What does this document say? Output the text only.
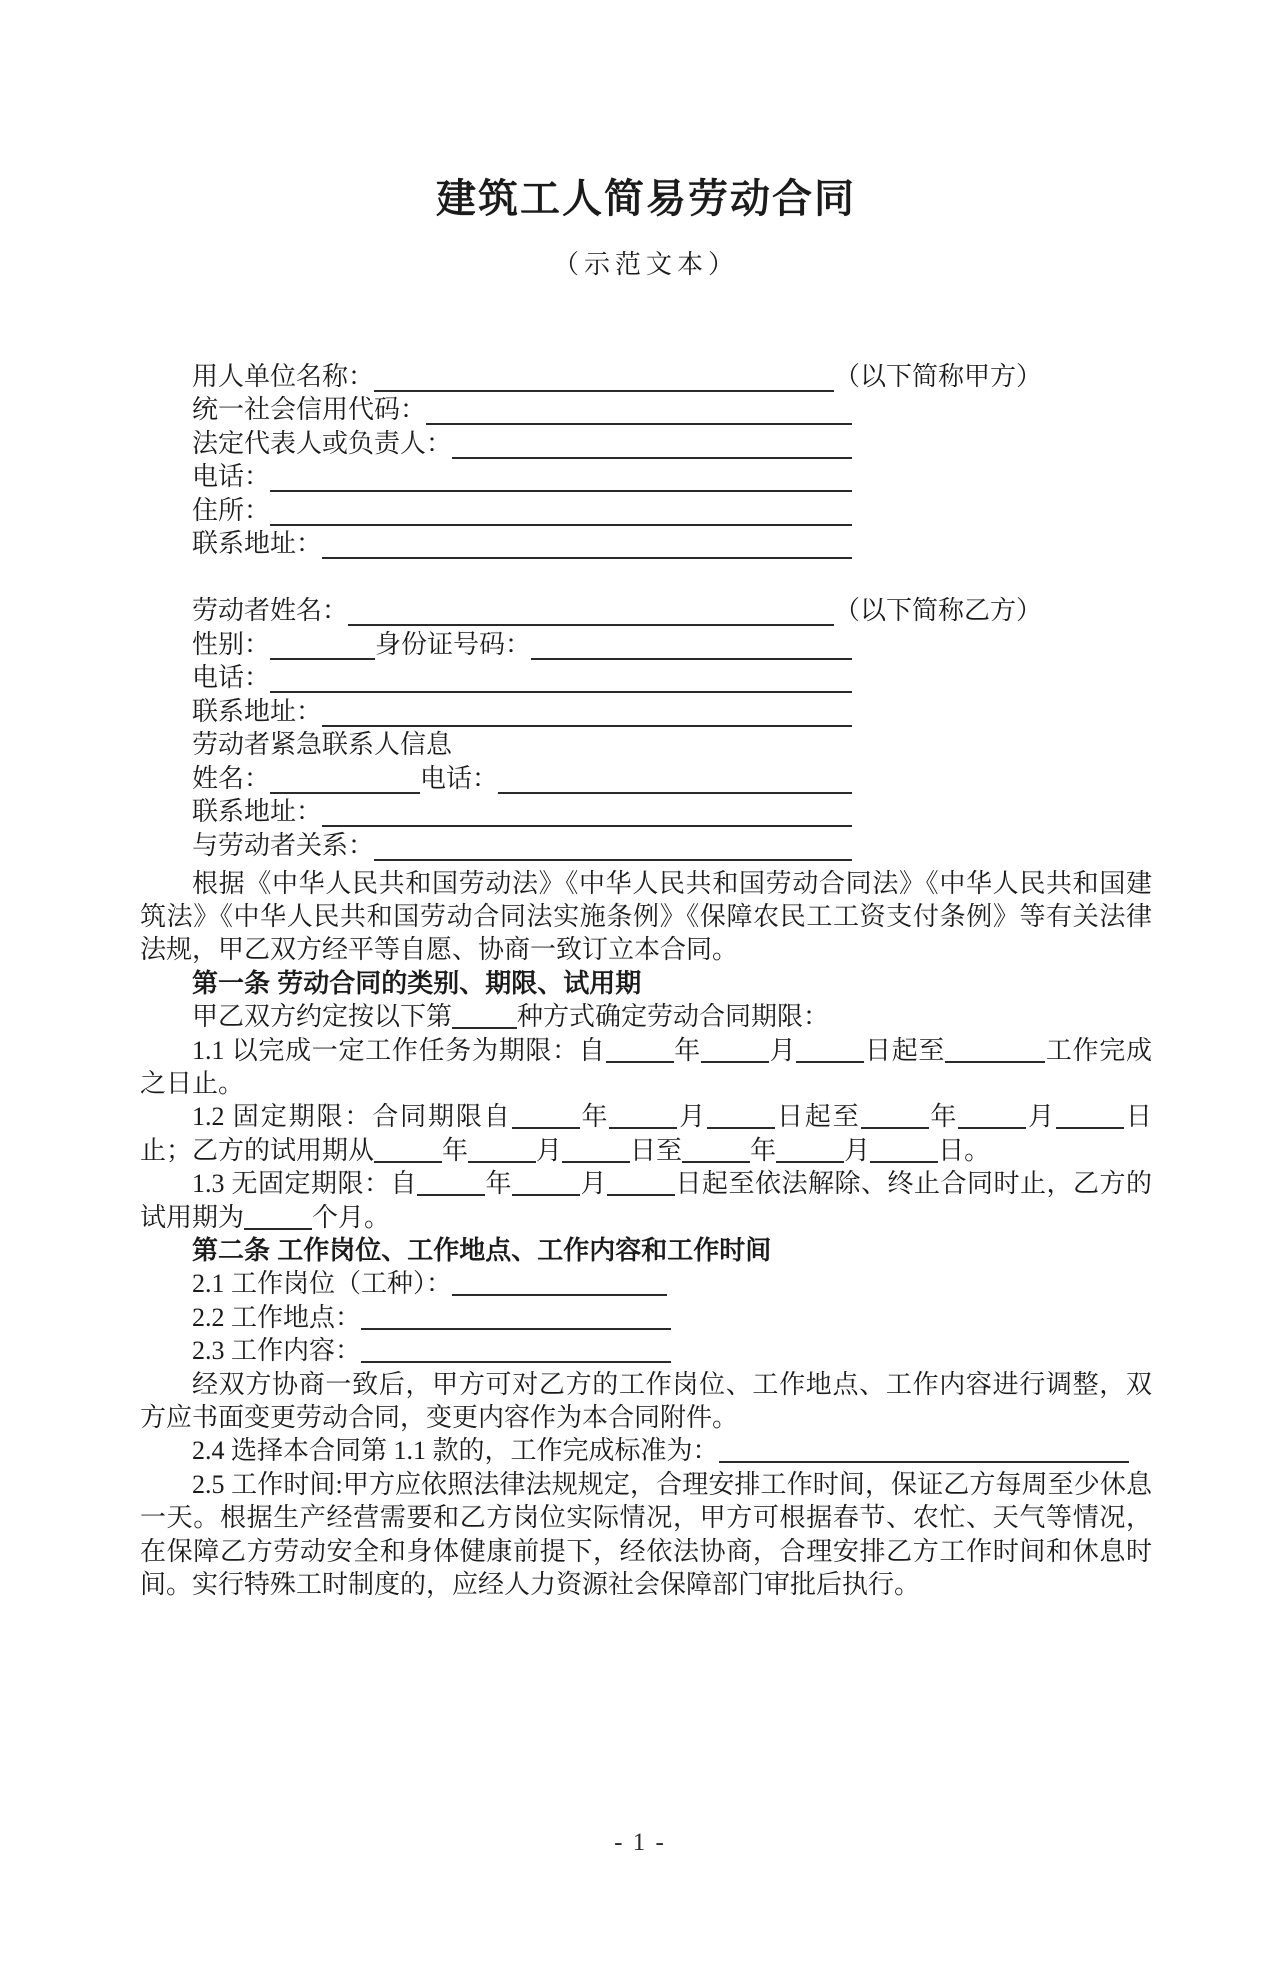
建筑工人简易劳动合同
（示范文本）
用人单位名称：	（以下简称甲方）
统一社会信用代码：
法定代表人或负责人：
电话：
住所：
联系地址：
劳动者姓名：	（以下简称乙方）
性别：	身份证号码：
电话：
联系地址：
劳动者紧急联系人信息
姓名：	电话：
联系地址：
与劳动者关系：
根据《中华人民共和国劳动法》《中华人民共和国劳动合同法》《中华人民共和国建筑法》《中华人民共和国劳动合同法实施条例》《保障农民工工资支付条例》等有关法律法规，甲乙双方经平等自愿、协商一致订立本合同。
第一条 劳动合同的类别、期限、试用期
甲乙双方约定按以下第	种方式确定劳动合同期限：
1.1 以完成一定工作任务为期限：自	年	月	日起至	工作完成之日止。
1.2 固定期限：合同期限自	年	月	日起至	年	月	日止；乙方的试用期从	年	月	日至	年	月	日。
1.3 无固定期限：自	年	月	日起至依法解除、终止合同时止，乙方的试用期为	个月。
第二条 工作岗位、工作地点、工作内容和工作时间
2.1 工作岗位（工种）：
2.2 工作地点：
2.3 工作内容：
经双方协商一致后，甲方可对乙方的工作岗位、工作地点、工作内容进行调整，双方应书面变更劳动合同，变更内容作为本合同附件。
2.4 选择本合同第 1.1 款的，工作完成标准为：
2.5 工作时间:甲方应依照法律法规规定，合理安排工作时间，保证乙方每周至少休息一天。根据生产经营需要和乙方岗位实际情况，甲方可根据春节、农忙、天气等情况，在保障乙方劳动安全和身体健康前提下，经依法协商，合理安排乙方工作时间和休息时间。实行特殊工时制度的，应经人力资源社会保障部门审批后执行。
- 1 -
